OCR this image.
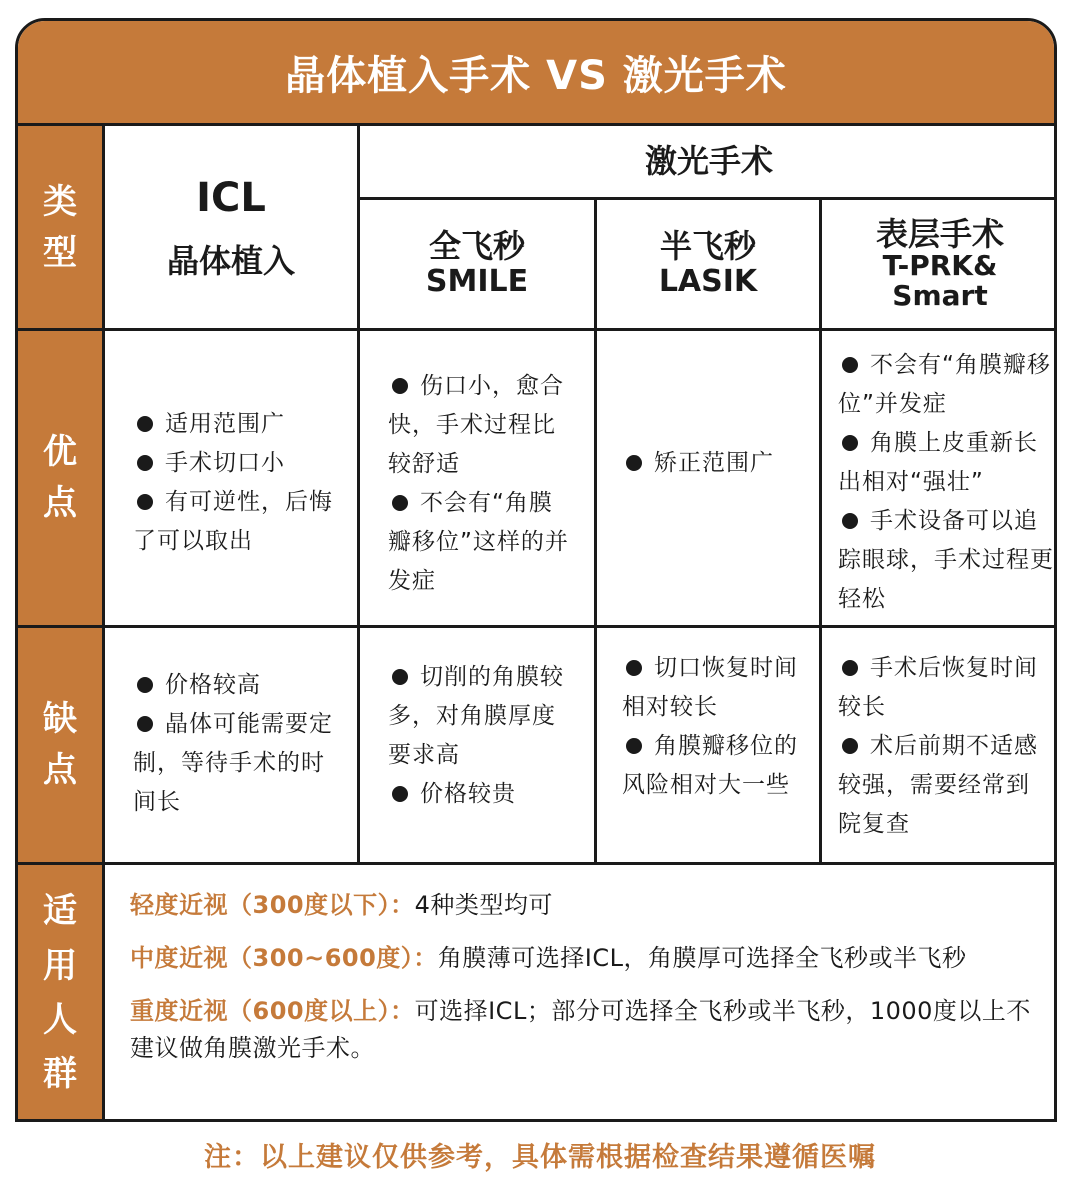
晶体植入手术 VS 激光手术
类
型
优
点
缺
点
适
用
人
群
ICL
晶体植入
激光手术
全飞秒
SMILE
半飞秒
LASIK
表层手术
T-PRK&
Smart
适用范围广
手术切口小
有可逆性，后悔了可以取出
伤口小，愈合快，手术过程比较舒适
不会有“角膜瓣移位”这样的并发症
矫正范围广
不会有“角膜瓣移位”并发症
角膜上皮重新长出相对“强壮”
手术设备可以追踪眼球，手术过程更轻松
价格较高
晶体可能需要定制，等待手术的时间长
切削的角膜较多，对角膜厚度要求高
价格较贵
切口恢复时间相对较长
角膜瓣移位的风险相对大一些
手术后恢复时间较长
术后前期不适感较强，需要经常到院复查
轻度近视（300度以下）：4种类型均可
中度近视（300~600度）：角膜薄可选择ICL，角膜厚可选择全飞秒或半飞秒
重度近视（600度以上）：可选择ICL；部分可选择全飞秒或半飞秒，1000度以上不建议做角膜激光手术。
注：以上建议仅供参考，具体需根据检查结果遵循医嘱
